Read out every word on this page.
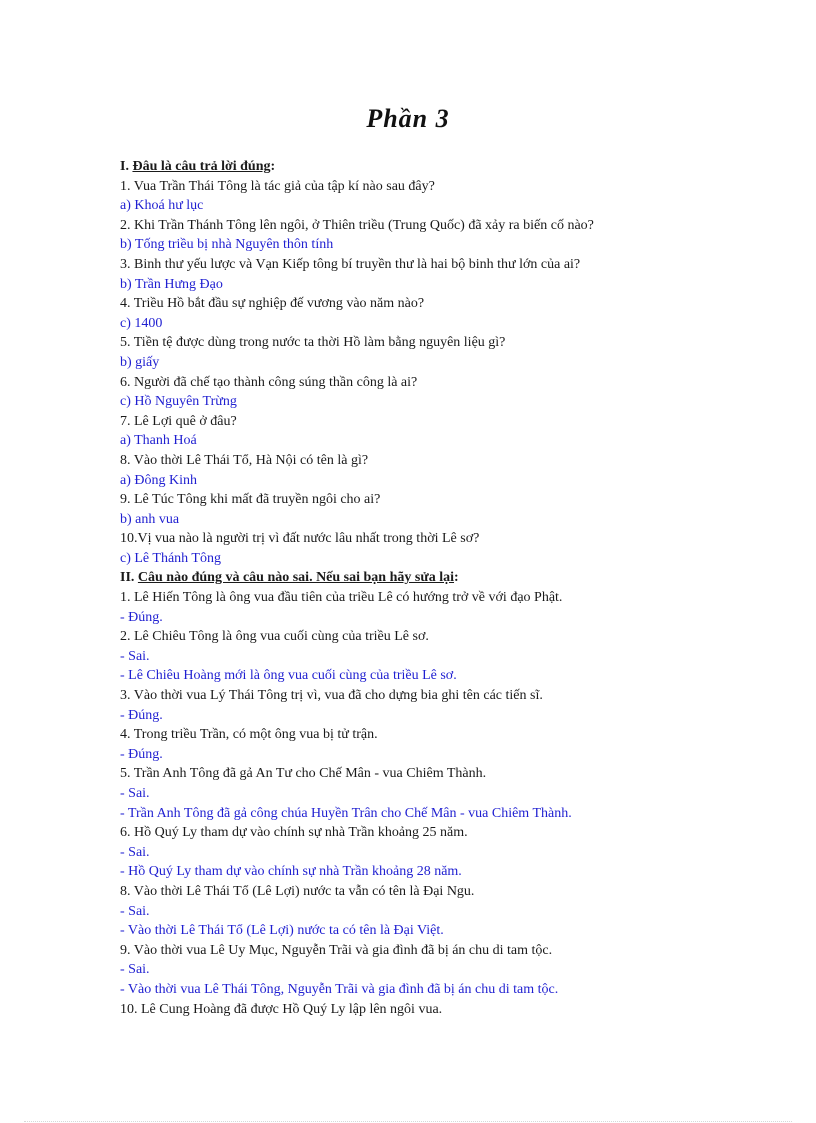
Phần 3
I. Đâu là câu trả lời đúng:
1. Vua Trần Thái Tông là tác giả của tập kí nào sau đây?
a) Khoá hư lục
2. Khi Trần Thánh Tông lên ngôi, ở Thiên triều (Trung Quốc) đã xảy ra biến cố nào?
b) Tống triều bị nhà Nguyên thôn tính
3. Binh thư yếu lược và Vạn Kiếp tông bí truyền thư là hai bộ binh thư lớn của ai?
b) Trần Hưng Đạo
4. Triều Hồ bắt đầu sự nghiệp đế vương vào năm nào?
c) 1400
5. Tiền tệ được dùng trong nước ta thời Hồ làm bằng nguyên liệu gì?
b) giấy
6. Người đã chế tạo thành công súng thần công là ai?
c) Hồ Nguyên Trừng
7. Lê Lợi quê ở đâu?
a) Thanh Hoá
8. Vào thời Lê Thái Tổ, Hà Nội có tên là gì?
a) Đông Kinh
9. Lê Túc Tông khi mất đã truyền ngôi cho ai?
b) anh vua
10.Vị vua nào là người trị vì đất nước lâu nhất trong thời Lê sơ?
c) Lê Thánh Tông
II. Câu nào đúng và câu nào sai. Nếu sai bạn hãy sửa lại:
1. Lê Hiến Tông là ông vua đầu tiên của triều Lê có hướng trở về với đạo Phật.
- Đúng.
2. Lê Chiêu Tông là ông vua cuối cùng của triều Lê sơ.
- Sai.
- Lê Chiêu Hoàng mới là ông vua cuối cùng của triều Lê sơ.
3. Vào thời vua Lý Thái Tông trị vì, vua đã cho dựng bia ghi tên các tiến sĩ.
- Đúng.
4. Trong triều Trần, có một ông vua bị tử trận.
- Đúng.
5. Trần Anh Tông đã gả An Tư cho Chế Mân - vua Chiêm Thành.
- Sai.
- Trần Anh Tông đã gả công chúa Huyền Trân cho Chế Mân - vua Chiêm Thành.
6. Hồ Quý Ly tham dự vào chính sự nhà Trần khoảng 25 năm.
- Sai.
- Hồ Quý Ly tham dự vào chính sự nhà Trần khoảng 28 năm.
8. Vào thời Lê Thái Tổ (Lê Lợi) nước ta vẫn có tên là Đại Ngu.
- Sai.
- Vào thời Lê Thái Tổ (Lê Lợi) nước ta có tên là Đại Việt.
9. Vào thời vua Lê Uy Mục, Nguyễn Trãi và gia đình đã bị án chu di tam tộc.
- Sai.
- Vào thời vua Lê Thái Tông, Nguyễn Trãi và gia đình đã bị án chu di tam tộc.
10. Lê Cung Hoàng đã được Hồ Quý Ly lập lên ngôi vua.
